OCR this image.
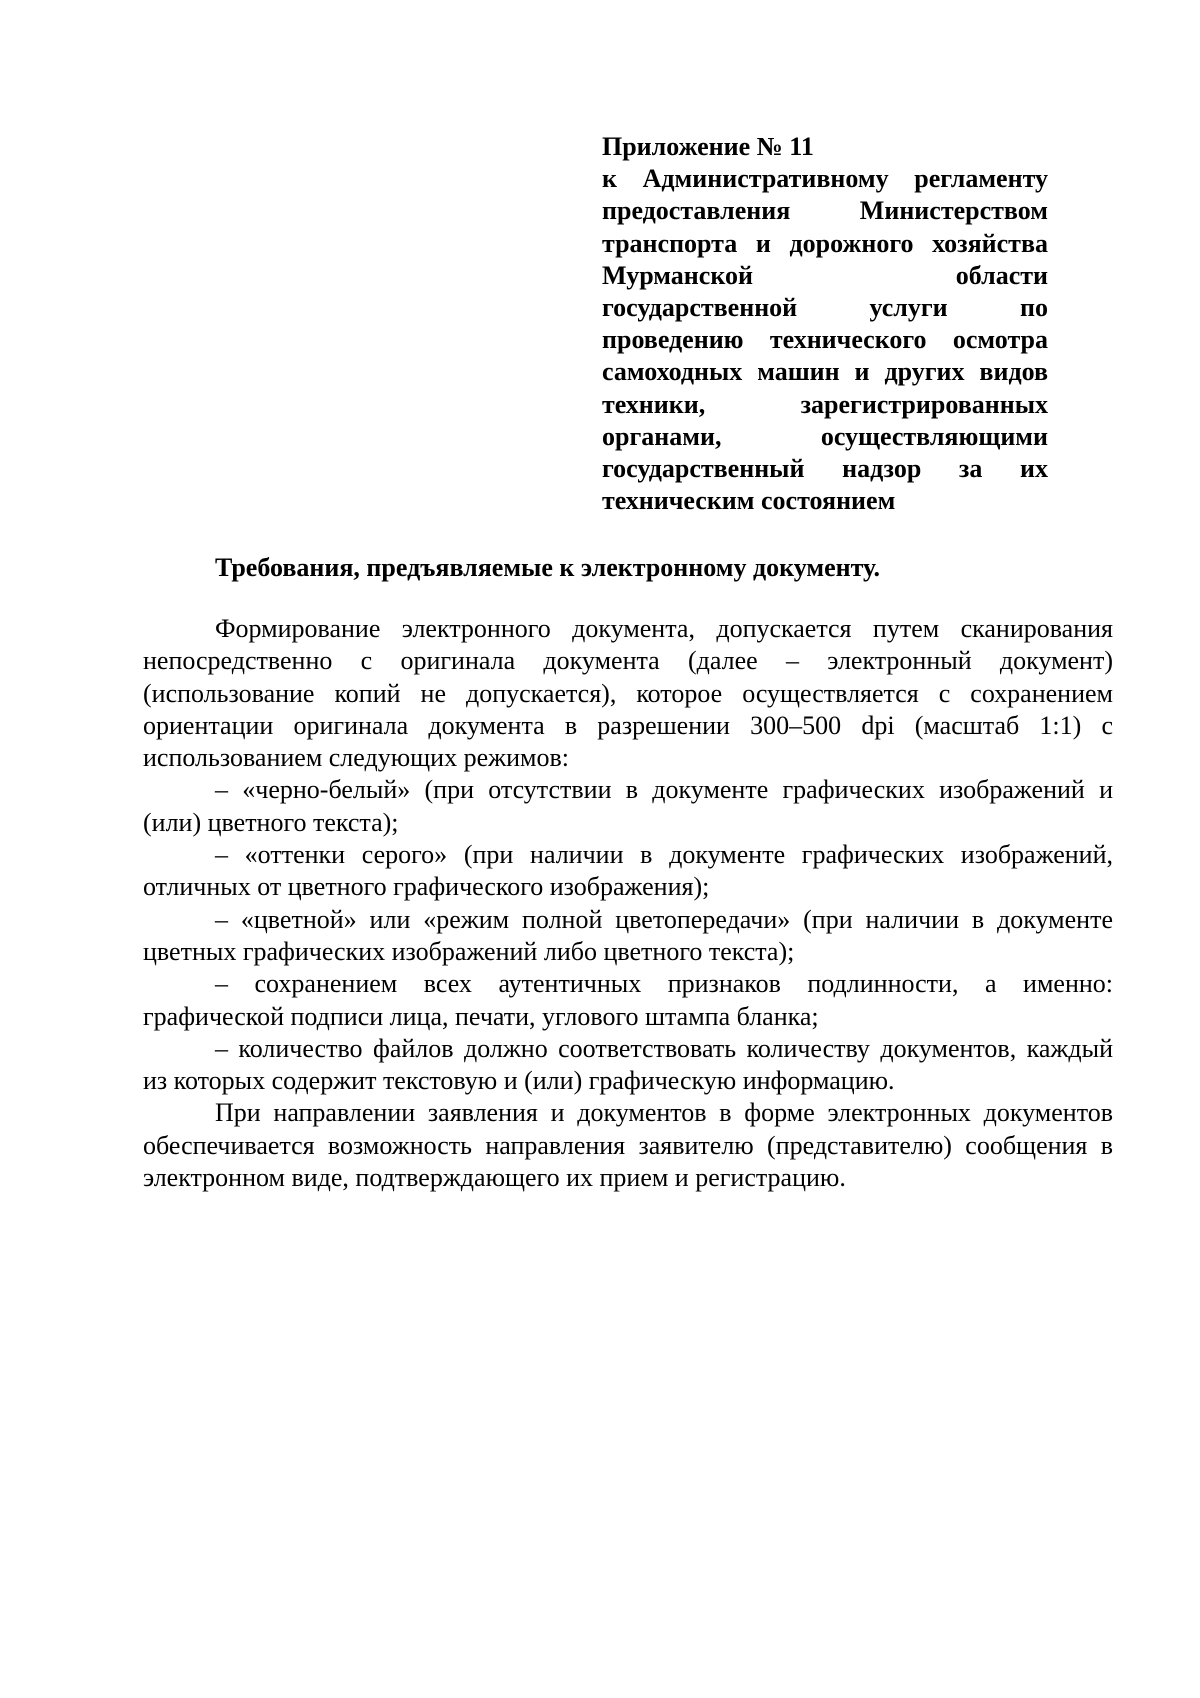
Приложение № 11
к Административному регламенту предоставления Министерством транспорта и дорожного хозяйства Мурманской области государственной услуги по проведению технического осмотра самоходных машин и других видов техники, зарегистрированных органами, осуществляющими государственный надзор за их техническим состоянием
Требования, предъявляемые к электронному документу.

Формирование электронного документа, допускается путем сканирования непосредственно с оригинала документа (далее – электронный документ) (использование копий не допускается), которое осуществляется с сохранением ориентации оригинала документа в разрешении 300–500 dpi (масштаб 1:1) с использованием следующих режимов:

– «черно-белый» (при отсутствии в документе графических изображений и (или) цветного текста);

– «оттенки серого» (при наличии в документе графических изображений, отличных от цветного графического изображения);

– «цветной» или «режим полной цветопередачи» (при наличии в документе цветных графических изображений либо цветного текста);

– сохранением всех аутентичных признаков подлинности, а именно: графической подписи лица, печати, углового штампа бланка;

– количество файлов должно соответствовать количеству документов, каждый из которых содержит текстовую и (или) графическую информацию.

При направлении заявления и документов в форме электронных документов обеспечивается возможность направления заявителю (представителю) сообщения в электронном виде, подтверждающего их прием и регистрацию.
